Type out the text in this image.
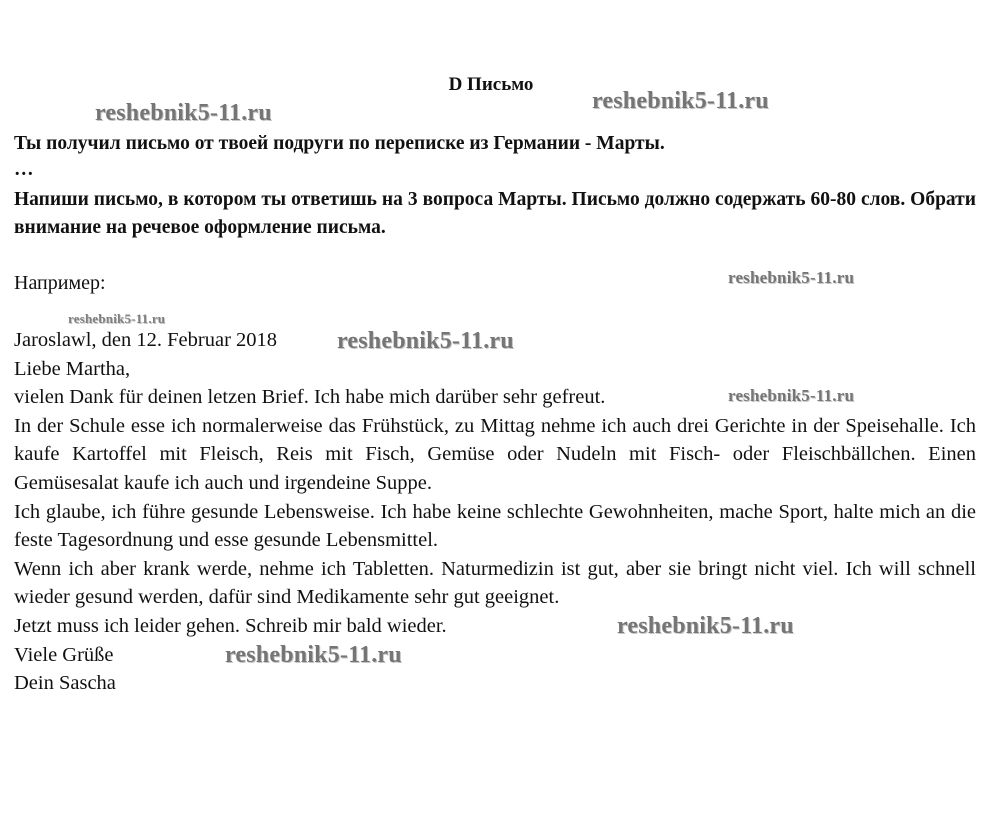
D Письмо
Ты получил письмо от твоей подруги по переписке из Германии - Марты.
…
Напиши письмо, в котором ты ответишь на 3 вопроса Марты. Письмо должно содержать 60-80 слов. Обрати внимание на речевое оформление письма.
Например:
Jaroslawl, den 12. Februar 2018
Liebe Martha,
vielen Dank für deinen letzen Brief. Ich habe mich darüber sehr gefreut.
In der Schule esse ich normalerweise das Frühstück, zu Mittag nehme ich auch drei Gerichte in der Speisehalle. Ich kaufe Kartoffel mit Fleisch, Reis mit Fisch, Gemüse oder Nudeln mit Fisch- oder Fleischbällchen. Einen Gemüsesalat kaufe ich auch und irgendeine Suppe.
Ich glaube, ich führe gesunde Lebensweise. Ich habe keine schlechte Gewohnheiten, mache Sport, halte mich an die feste Tagesordnung und esse gesunde Lebensmittel.
Wenn ich aber krank werde, nehme ich Tabletten. Naturmedizin ist gut, aber sie bringt nicht viel. Ich will schnell wieder gesund werden, dafür sind Medikamente sehr gut geeignet.
Jetzt muss ich leider gehen. Schreib mir bald wieder.
Viele Grüße
Dein Sascha
reshebnik5-11.ru	reshebnik5-11.ru
reshebnik5-11.ru
reshebnik5-11.ru
reshebnik5-11.ru
reshebnik5-11.ru
reshebnik5-11.ru
reshebnik5-11.ru
